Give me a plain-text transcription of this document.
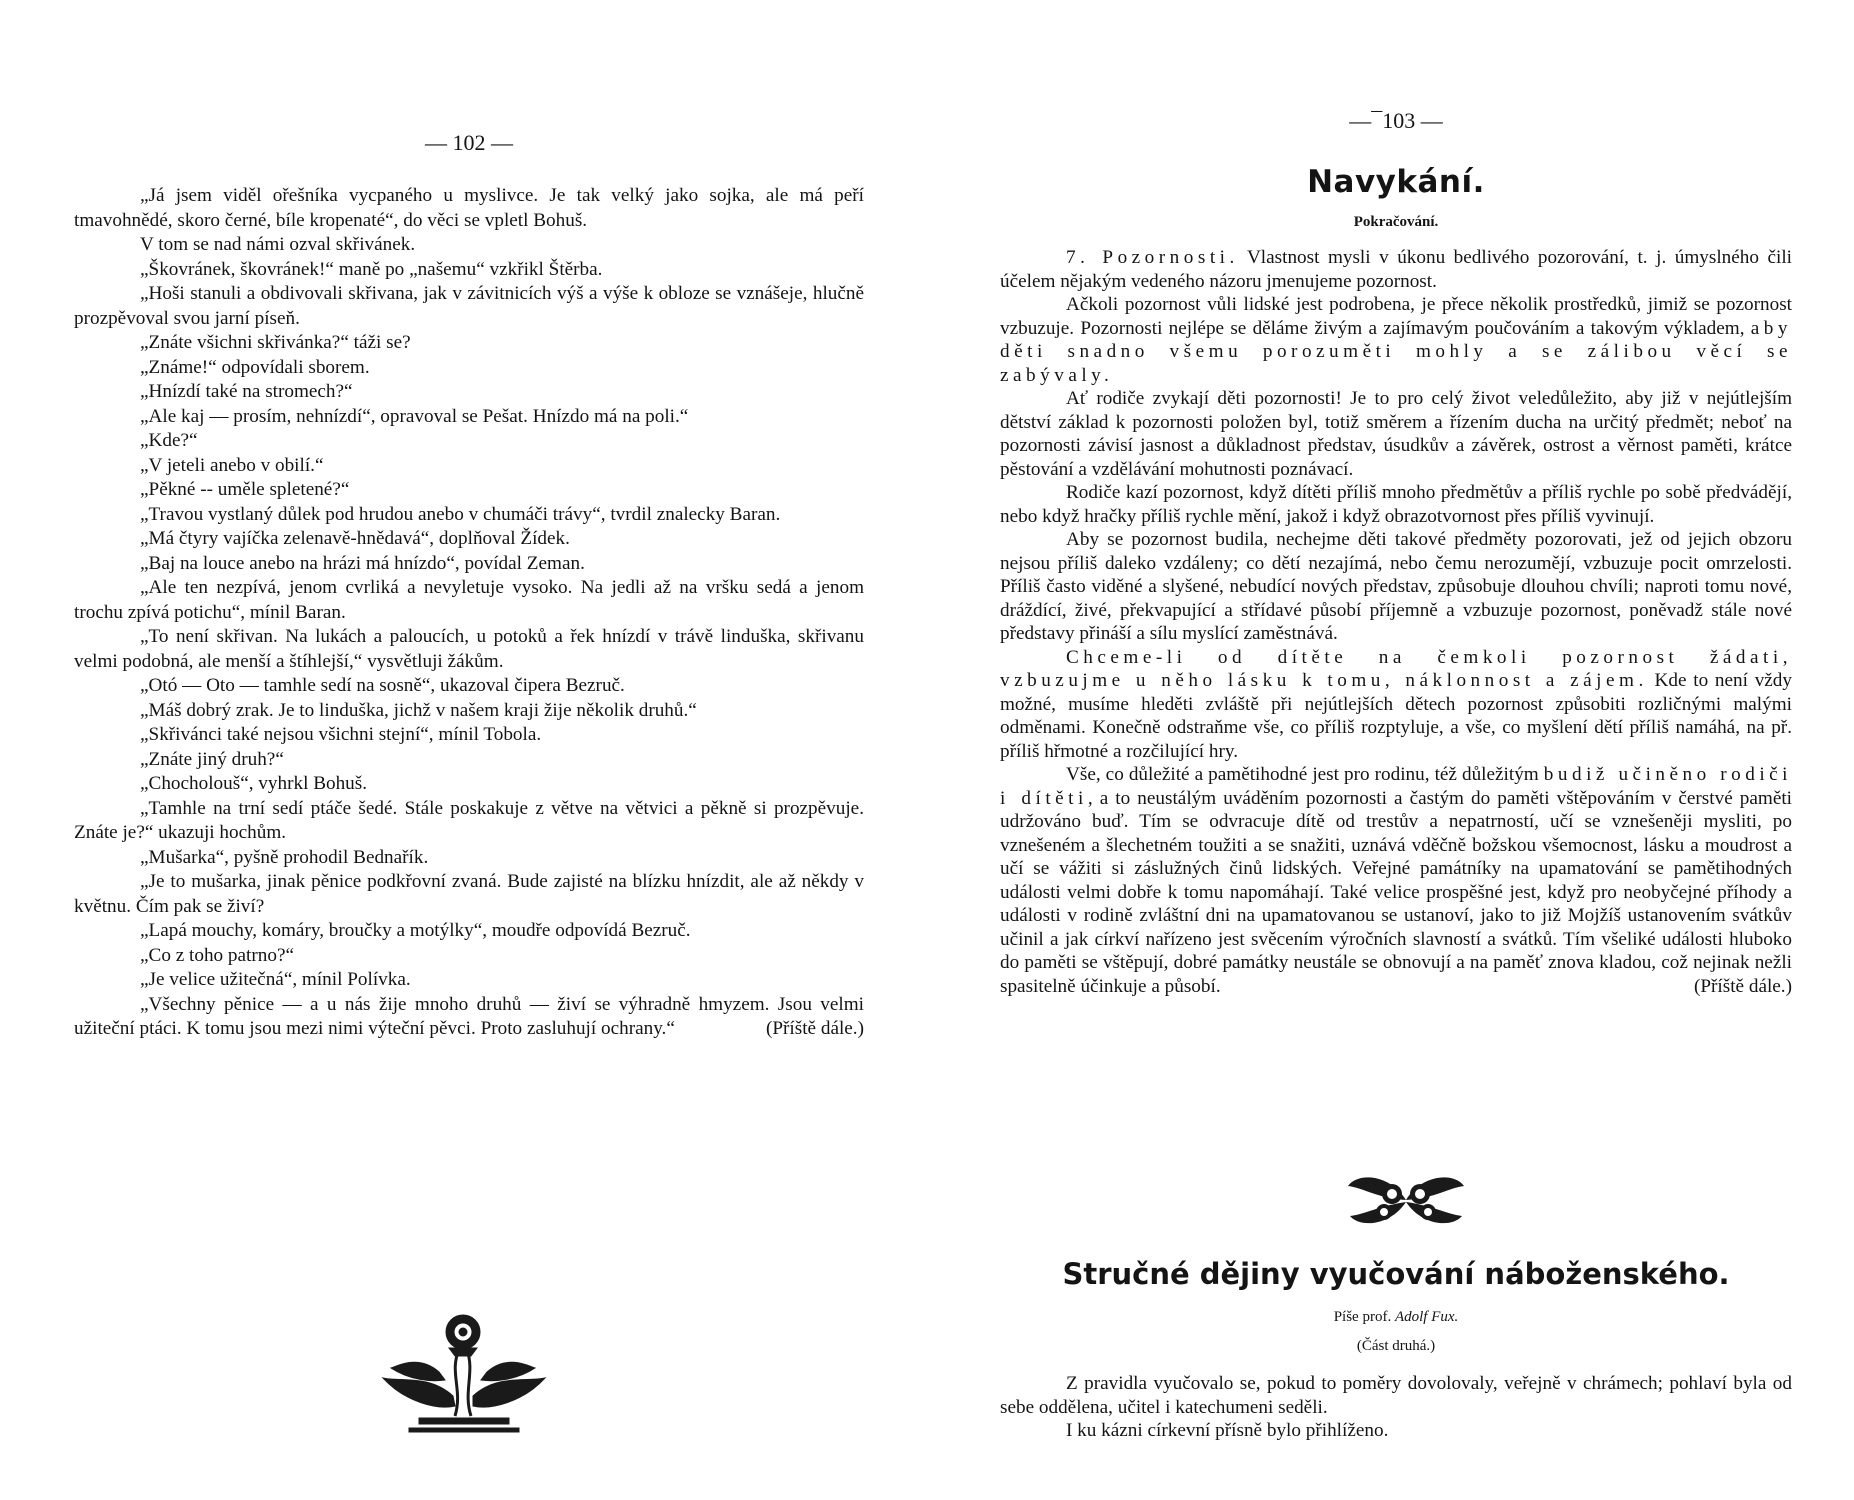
— 102 —

„Já jsem viděl ořešníka vycpaného u myslivce. Je tak velký jako sojka, ale má peří tmavohnědé, skoro černé, bíle kropenaté“, do věci se vpletl Bohuš.

V tom se nad námi ozval skřivánek.

„Škovránek, škovránek!“ maně po „našemu“ vzkřikl Štěrba.

„Hoši stanuli a obdivovali skřivana, jak v závitnicích výš a výše k obloze se vznášeje, hlučně prozpěvoval svou jarní píseň.

„Znáte všichni skřivánka?“ táži se?

„Známe!“ odpovídali sborem.

„Hnízdí také na stromech?“

„Ale kaj — prosím, nehnízdí“, opravoval se Pešat. Hnízdo má na poli.“

„Kde?“

„V jeteli anebo v obilí.“

„Pěkné -- uměle spletené?“

„Travou vystlaný důlek pod hrudou anebo v chumáči trávy“, tvrdil znalecky Baran.

„Má čtyry vajíčka zelenavě-hnědavá“, doplňoval Žídek.

„Baj na louce anebo na hrázi má hnízdo“, povídal Zeman.

„Ale ten nezpívá, jenom cvrliká a nevyletuje vysoko. Na jedli až na vršku sedá a jenom trochu zpívá potichu“, mínil Baran.

„To není skřivan. Na lukách a paloucích, u potoků a řek hnízdí v trávě linduška, skřivanu velmi podobná, ale menší a štíhlejší,“ vysvětluji žákům.

„Otó — Oto — tamhle sedí na sosně“, ukazoval čipera Bezruč.

„Máš dobrý zrak. Je to linduška, jichž v našem kraji žije několik druhů.“

„Skřivánci také nejsou všichni stejní“, mínil Tobola.

„Znáte jiný druh?“

„Chocholouš“, vyhrkl Bohuš.

„Tamhle na trní sedí ptáče šedé. Stále poskakuje z větve na větvici a pěkně si prozpěvuje. Znáte je?“ ukazuji hochům.

„Mušarka“, pyšně prohodil Bednařík.

„Je to mušarka, jinak pěnice podkřovní zvaná. Bude zajisté na blízku hnízdit, ale až někdy v květnu. Čím pak se živí?

„Lapá mouchy, komáry, broučky a motýlky“, moudře odpovídá Bezruč.

„Co z toho patrno?“

„Je velice užitečná“, mínil Polívka.

„Všechny pěnice — a u nás žije mnoho druhů — živí se výhradně hmyzem. Jsou velmi užiteční ptáci. K tomu jsou mezi nimi výteční pěvci. Proto zasluhují ochrany.“	(Příště dále.)

—¯103 —
Navykání.
Pokračování.

7. Pozornosti. Vlastnost mysli v úkonu bedlivého pozorování, t. j. úmyslného čili účelem nějakým vedeného názoru jmenujeme pozornost.

Ačkoli pozornost vůli lidské jest podrobena, je přece několik prostředků, jimiž se pozornost vzbuzuje. Pozornosti nejlépe se děláme živým a zajímavým poučováním a takovým výkladem, aby děti snadno všemu porozuměti mohly a se zálibou věcí se zabývaly.

Ať rodiče zvykají děti pozornosti! Je to pro celý život veledůležito, aby již v nejútlejším dětství základ k pozornosti položen byl, totiž směrem a řízením ducha na určitý předmět; neboť na pozornosti závisí jasnost a důkladnost představ, úsudkův a závěrek, ostrost a věrnost paměti, krátce pěstování a vzdělávání mohutnosti poznávací.

Rodiče kazí pozornost, když dítěti příliš mnoho předmětův a příliš rychle po sobě předvádějí, nebo když hračky příliš rychle mění, jakož i když obrazotvornost přes příliš vyvinují.

Aby se pozornost budila, nechejme děti takové předměty pozorovati, jež od jejich obzoru nejsou příliš daleko vzdáleny; co dětí nezajímá, nebo čemu nerozumějí, vzbuzuje pocit omrzelosti. Příliš často viděné a slyšené, nebudící nových představ, způsobuje dlouhou chvíli; naproti tomu nové, dráždící, živé, překvapující a střídavé působí příjemně a vzbuzuje pozornost, poněvadž stále nové představy přináší a sílu myslící zaměstnává.

Chceme-li od dítěte na čemkoli pozornost žádati, vzbuzujme u něho lásku k tomu, náklonnost a zájem. Kde to není vždy možné, musíme hleděti zvláště při nejútlejších dětech pozornost způsobiti rozličnými malými odměnami. Konečně odstraňme vše, co příliš rozptyluje, a vše, co myšlení dětí příliš namáhá, na př. příliš hřmotné a rozčilující hry.

Vše, co důležité a pamětihodné jest pro rodinu, též důležitým budiž učiněno rodiči i dítěti, a to neustálým uváděním pozornosti a častým do paměti vštěpováním v čerstvé paměti udržováno buď. Tím se odvracuje dítě od trestův a nepatrností, učí se vznešeněji mysliti, po vznešeném a šlechetném toužiti a se snažiti, uznává vděčně božskou všemocnost, lásku a moudrost a učí se vážiti si záslužných činů lidských. Veřejné památníky na upamatování se pamětihodných události velmi dobře k tomu napomáhají. Také velice prospěšné jest, když pro neobyčejné příhody a události v rodině zvláštní dni na upamatovanou se ustanoví, jako to již Mojžíš ustanovením svátkův učinil a jak církví nařízeno jest svěcením výročních slavností a svátků. Tím všeliké události hluboko do paměti se vštěpují, dobré památky neustále se obnovují a na paměť znova kladou, což nejinak nežli spasitelně účinkuje a působí.	(Příště dále.)

Stručné dějiny vyučování náboženského.
Píše prof. Adolf Fux.
(Část druhá.)

Z pravidla vyučovalo se, pokud to poměry dovolovaly, veřejně v chrámech; pohlaví byla od sebe oddělena, učitel i katechumeni seděli.

I ku kázni církevní přísně bylo přihlíženo.
